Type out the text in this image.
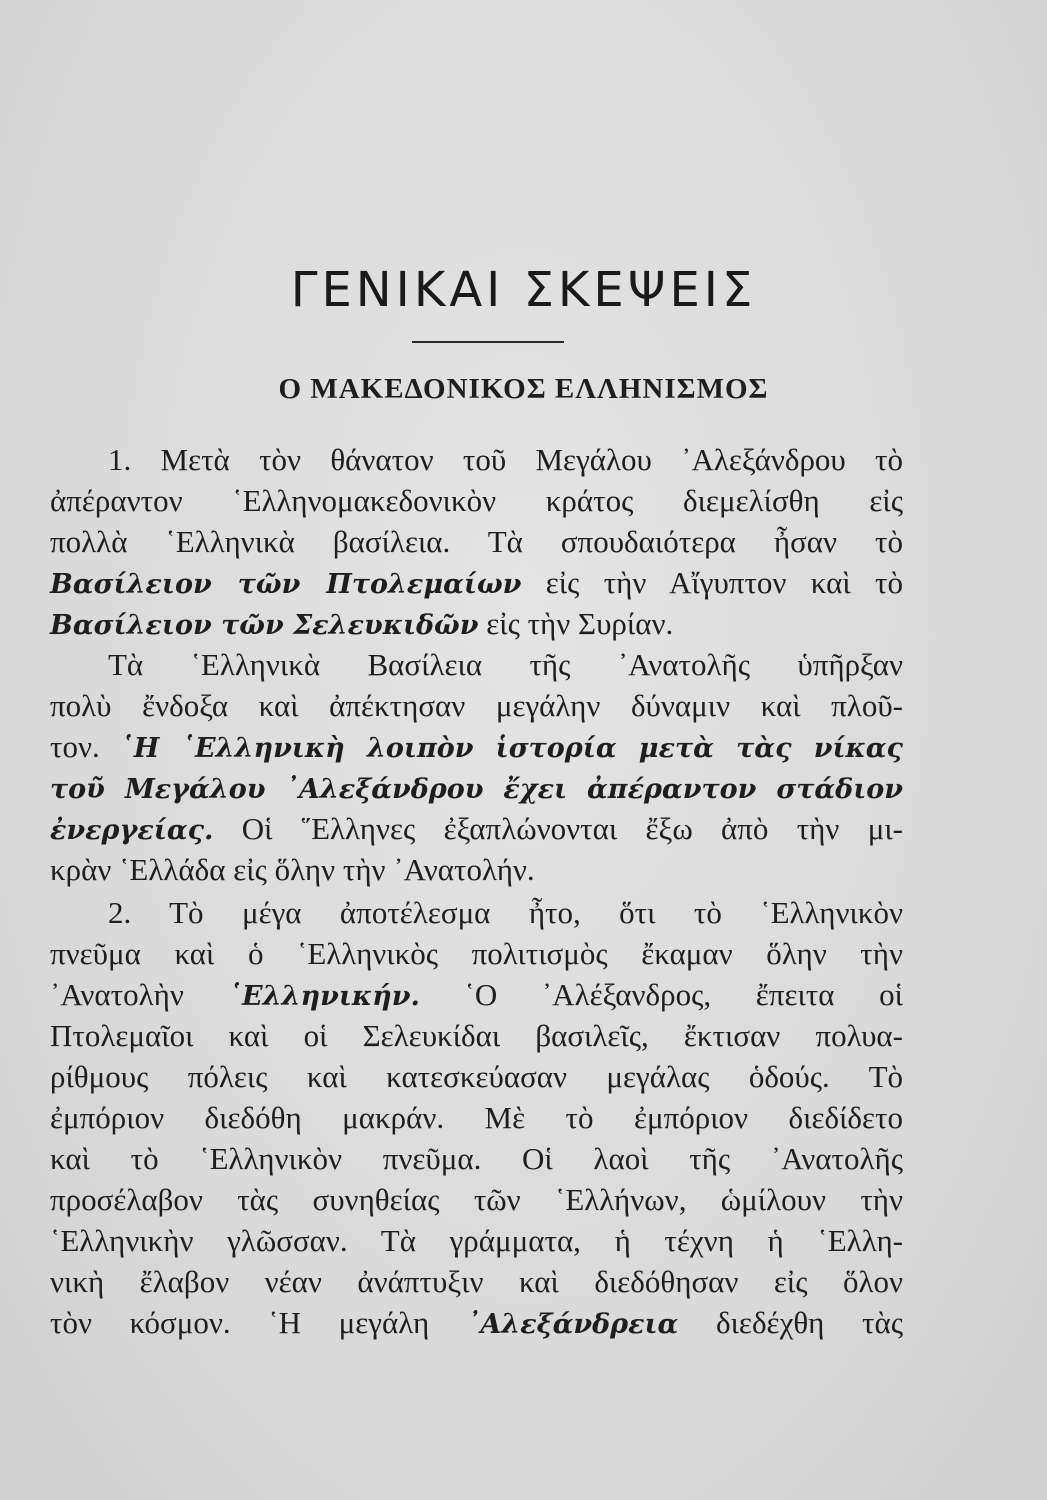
ΓΕΝΙΚΑΙ ΣΚΕΨΕΙΣ
Ο ΜΑΚΕΔΟΝΙΚΟΣ ΕΛΛΗΝΙΣΜΟΣ
1. Μετὰ τὸν θάνατον τοῦ Μεγάλου ᾿Αλεξάνδρου τὸ
ἀπέραντον ῾Ελληνομακεδονικὸν κράτος διεμελίσθη εἰς
πολλὰ ῾Ελληνικὰ βασίλεια. Τὰ σπουδαιότερα ἦσαν τὸ
Βασίλειον τῶν Πτολεμαίων εἰς τὴν Αἴγυπτον καὶ τὸ
Βασίλειον τῶν Σελευκιδῶν εἰς τὴν Συρίαν.
Τὰ ῾Ελληνικὰ Βασίλεια τῆς ᾿Ανατολῆς ὑπῆρξαν
πολὺ ἔνδοξα καὶ ἀπέκτησαν μεγάλην δύναμιν καὶ πλοῦ-
τον. ῾Η ῾Ελληνικὴ λοιπὸν ἱστορία μετὰ τὰς νίκας
τοῦ Μεγάλου ᾿Αλεξάνδρου ἔχει ἀπέραντον στάδιον
ἐνεργείας. Οἱ ῞Ελληνες ἐξαπλώνονται ἔξω ἀπὸ τὴν μι-
κρὰν ῾Ελλάδα εἰς ὅλην τὴν ᾿Ανατολήν.
2. Τὸ μέγα ἀποτέλεσμα ἦτο, ὅτι τὸ ῾Ελληνικὸν
πνεῦμα καὶ ὁ ῾Ελληνικὸς πολιτισμὸς ἔκαμαν ὅλην τὴν
᾿Ανατολὴν ῾Ελληνικήν. ῾Ο ᾿Αλέξανδρος, ἔπειτα οἱ
Πτολεμαῖοι καὶ οἱ Σελευκίδαι βασιλεῖς, ἔκτισαν πολυα-
ρίθμους πόλεις καὶ κατεσκεύασαν μεγάλας ὁδούς. Τὸ
ἐμπόριον διεδόθη μακράν. Μὲ τὸ ἐμπόριον διεδίδετο
καὶ τὸ ῾Ελληνικὸν πνεῦμα. Οἱ λαοὶ τῆς ᾿Ανατολῆς
προσέλαβον τὰς συνηθείας τῶν ῾Ελλήνων, ὡμίλουν τὴν
῾Ελληνικὴν γλῶσσαν. Τὰ γράμματα, ἡ τέχνη ἡ ῾Ελλη-
νικὴ ἔλαβον νέαν ἀνάπτυξιν καὶ διεδόθησαν εἰς ὅλον
τὸν κόσμον. ῾Η μεγάλη ᾿Αλεξάνδρεια διεδέχθη τὰς
